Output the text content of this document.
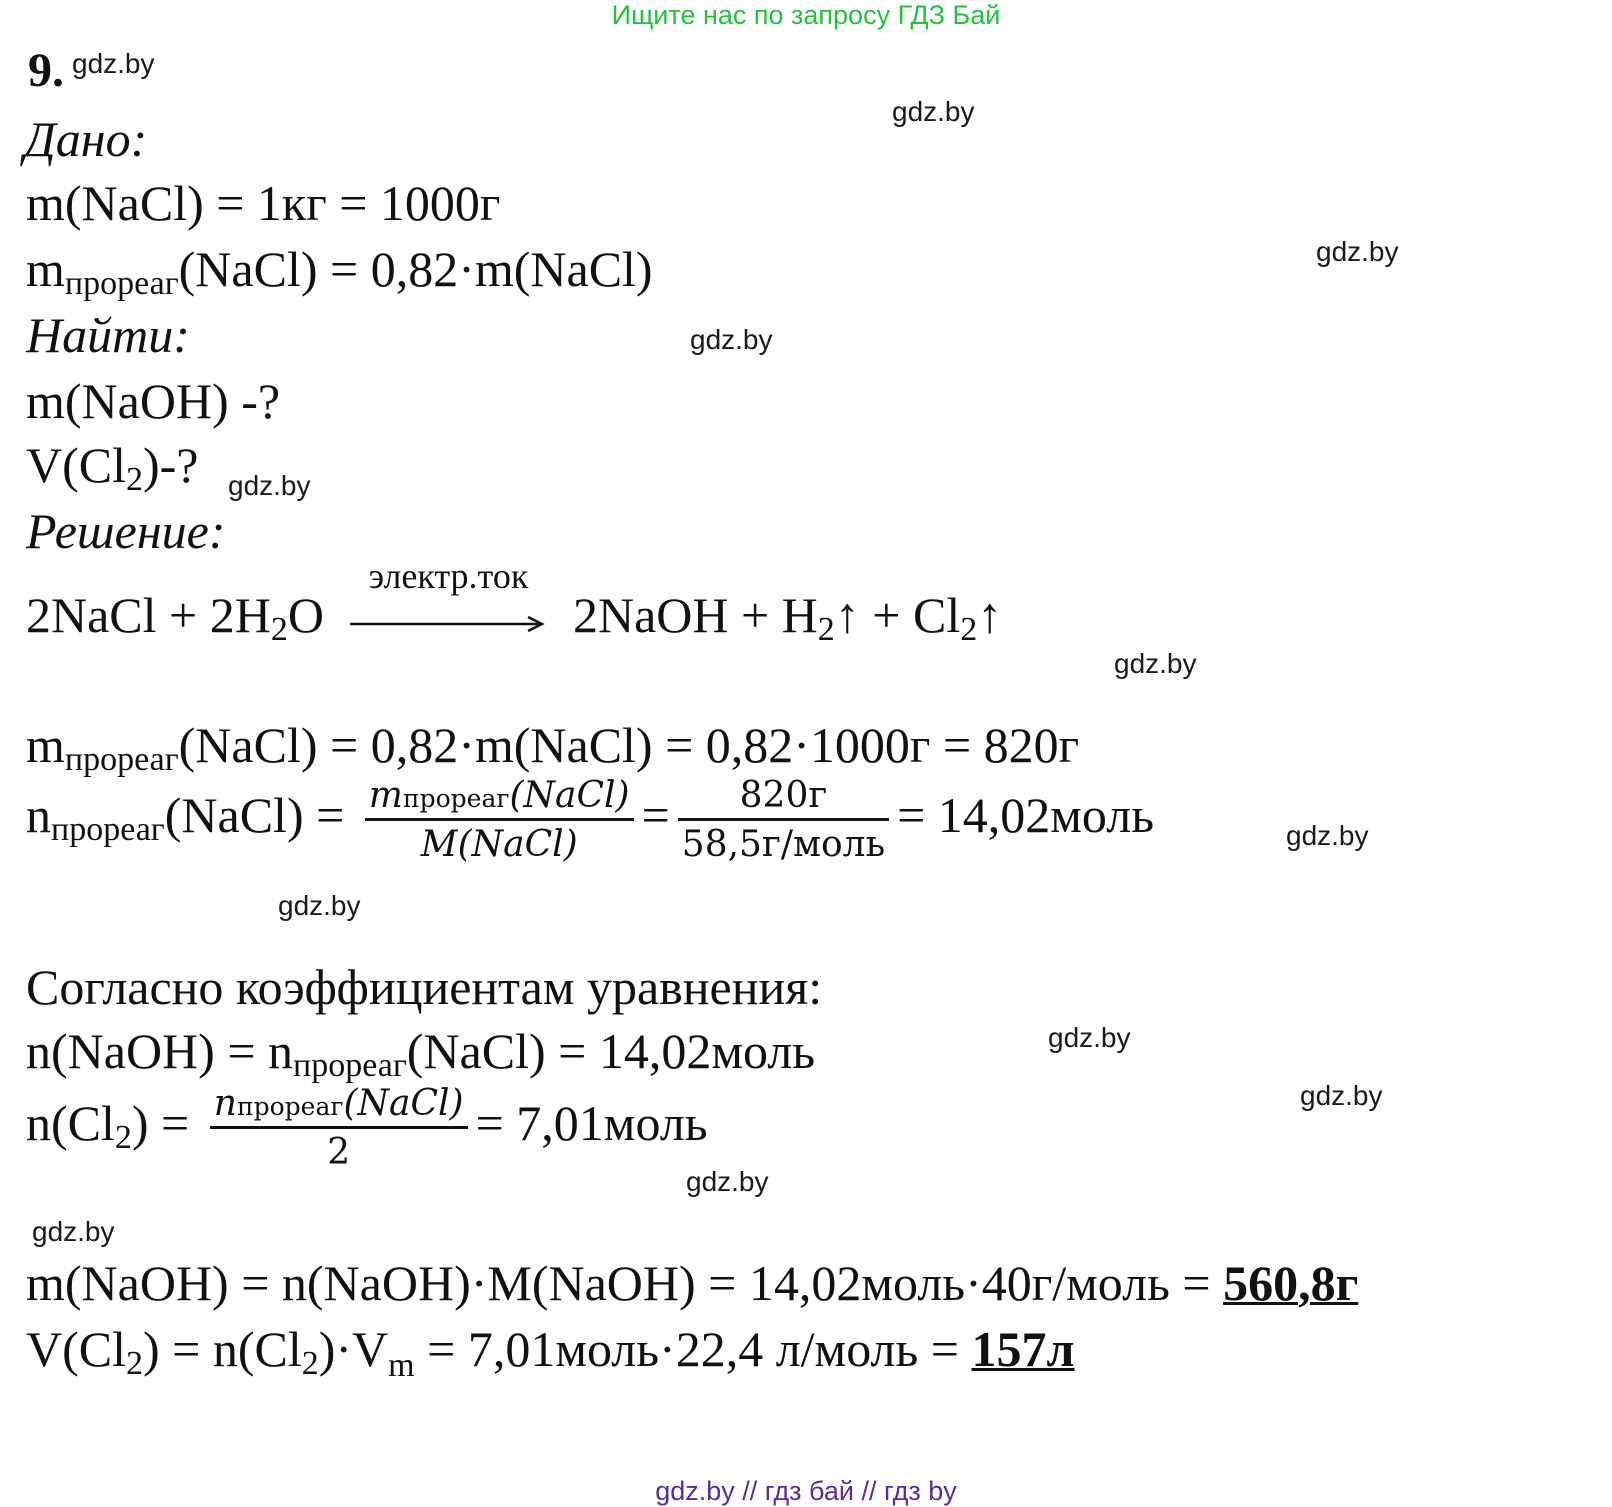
Ищите нас по запросу ГДЗ Бай
9. gdz.by
gdz.by
gdz.by
gdz.by
gdz.by
gdz.by
gdz.by
gdz.by
gdz.by
gdz.by
gdz.by
gdz.by
Дано:
m(NaCl) = 1кг = 1000г
mпрореаг(NaCl) = 0,82·m(NaCl)
Найти:
m(NaOH) -?
V(Cl2)-?
Решение:
2NaCl + 2H2O
электр.ток
2NaOH + H2↑ + Cl2↑
mпрореаг(NaCl) = 0,82·m(NaCl) = 0,82·1000г = 820г
nпрореаг(NaCl) = $\frac{\text{mпрореаг(NaCl)}}{\text{M(NaCl)}} = \frac{820г}{\text{58,5г/моль}}$ = 14,02моль
Согласно коэффициентам уравнения:
n(NaOH) = nпрореаг(NaCl) = 14,02моль
$n(Cl2) = \frac{\text{nпрореаг(NaCl)}}{2}$ = 7,01моль
m(NaOH) = n(NaOH)·M(NaOH) = 14,02моль·40г/моль = 560,8г
$V(Cl2) = n(Cl2)\cdot V_m$ = 7,01моль·22,4 л/моль = 157л
gdz.by // гдз бай // гдз by
